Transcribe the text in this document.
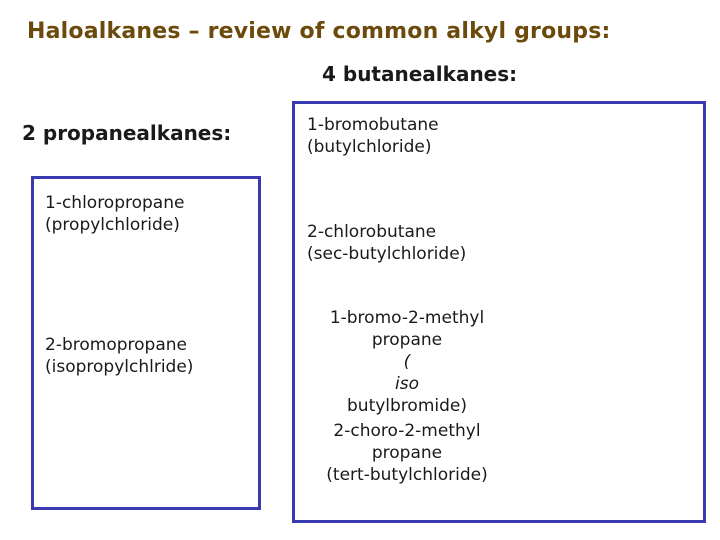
Haloalkanes – review of common alkyl groups:
4 butanealkanes:
2 propanealkanes:
1-chloropropane
(propylchloride)
2-bromopropane
(isopropylchlride)
1-bromobutane
(butylchloride)
2-chlorobutane
(sec-butylchloride)
1-bromo-2-methyl
propane
(
iso
butylbromide)
2-choro-2-methyl
propane
(tert-butylchloride)
